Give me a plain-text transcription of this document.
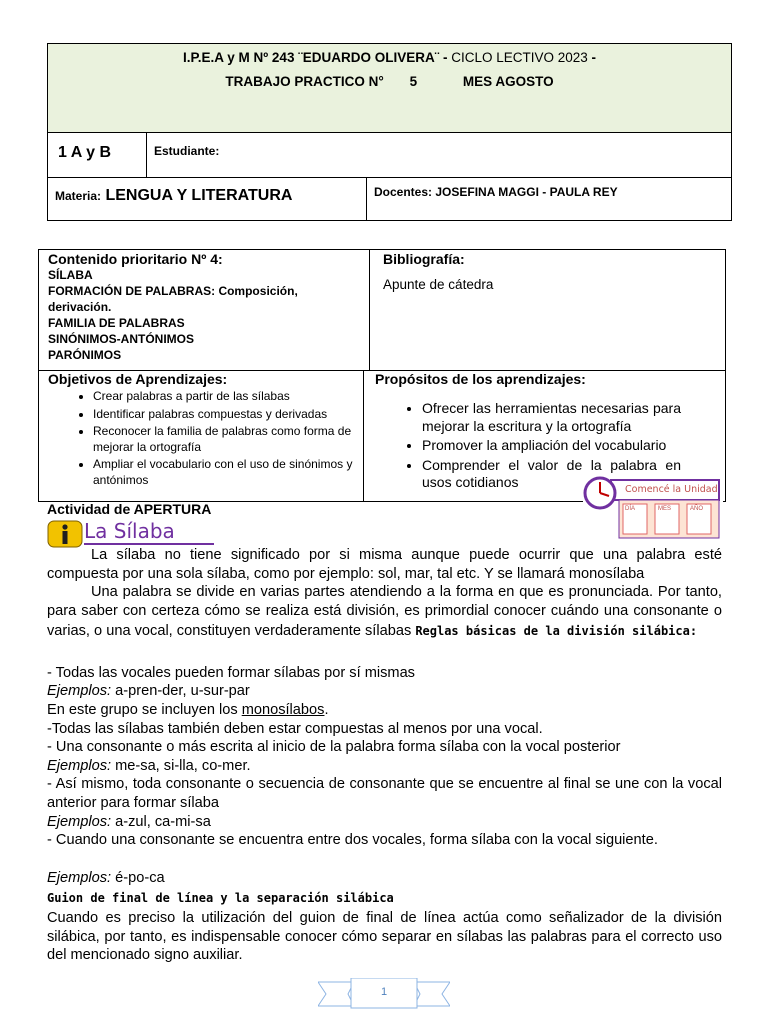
I.P.E.A y M Nº 243 ¨EDUARDO OLIVERA¨ - CICLO LECTIVO 2023 -
TRABAJO PRACTICO N° 5	MES AGOSTO
1 A y B	Estudiante:
Materia: LENGUA Y LITERATURA	Docentes: JOSEFINA MAGGI - PAULA REY
Contenido prioritario Nº 4:
SÍLABA
FORMACIÓN DE PALABRAS: Composición,
derivación.
FAMILIA DE PALABRAS
SINÓNIMOS-ANTÓNIMOS
PARÓNIMOS
Bibliografía:
Apunte de cátedra
Objetivos de Aprendizajes:
• Crear palabras a partir de las sílabas
• Identificar palabras compuestas y derivadas
• Reconocer la familia de palabras como forma de mejorar la ortografía
• Ampliar el vocabulario con el uso de sinónimos y antónimos
Propósitos de los aprendizajes:
• Ofrecer las herramientas necesarias para mejorar la escritura y la ortografía
• Promover la ampliación del vocabulario
• Comprender el valor de la palabra en usos cotidianos	Comencé la Unidad
DÍA	MES	AÑO
Actividad de APERTURA
La Sílaba
La sílaba no tiene significado por si misma aunque puede ocurrir que una palabra esté compuesta por una sola sílaba, como por ejemplo: sol, mar, tal etc. Y se llamará monosílaba
Una palabra se divide en varias partes atendiendo a la forma en que es pronunciada. Por tanto, para saber con certeza cómo se realiza está división, es primordial conocer cuándo una consonante o varias, o una vocal, constituyen verdaderamente sílabas Reglas básicas de la división silábica:
- Todas las vocales pueden formar sílabas por sí mismas
Ejemplos: a-pren-der, u-sur-par
En este grupo se incluyen los monosílabos.
-Todas las sílabas también deben estar compuestas al menos por una vocal.
- Una consonante o más escrita al inicio de la palabra forma sílaba con la vocal posterior
Ejemplos: me-sa, si-lla, co-mer.
- Así mismo, toda consonante o secuencia de consonante que se encuentre al final se une con la vocal anterior para formar sílaba
Ejemplos: a-zul, ca-mi-sa
- Cuando una consonante se encuentra entre dos vocales, forma sílaba con la vocal siguiente.
Ejemplos: é-po-ca
Guion de final de línea y la separación silábica
Cuando es preciso la utilización del guion de final de línea actúa como señalizador de la división silábica, por tanto, es indispensable conocer cómo separar en sílabas las palabras para el correcto uso del mencionado signo auxiliar.
1
